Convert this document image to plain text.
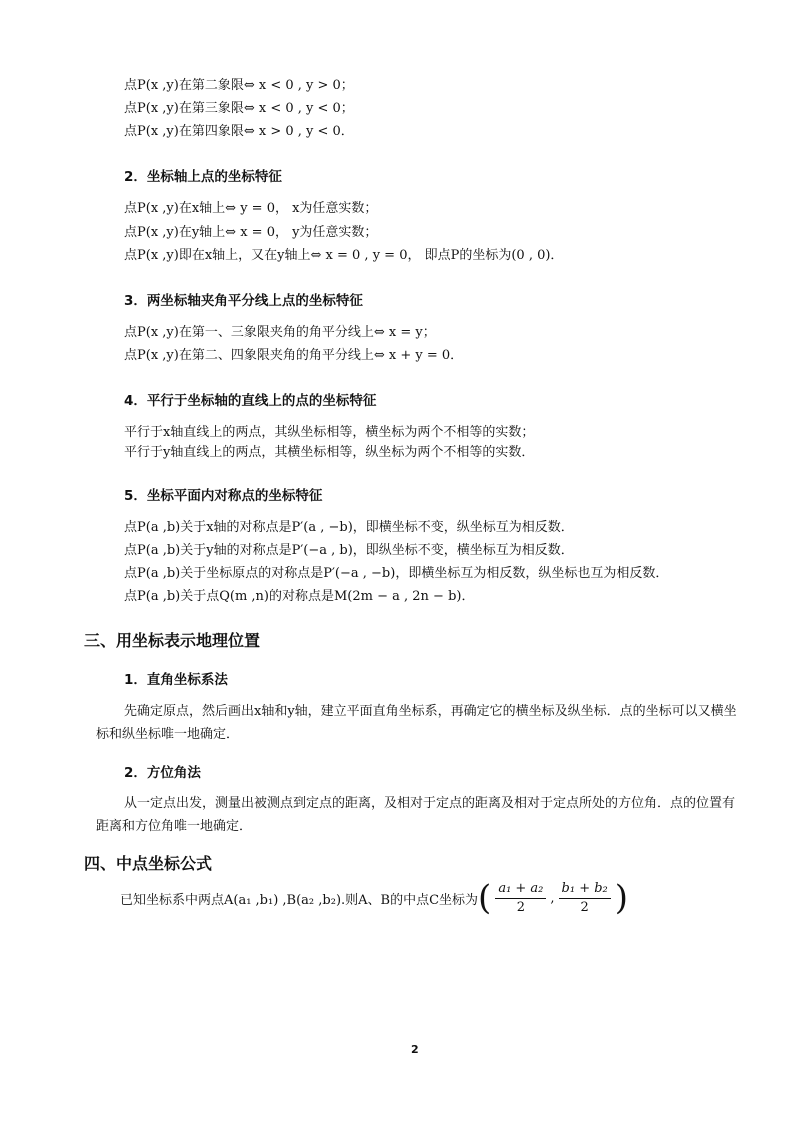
点P(x ,y)在第二象限⇔ x < 0 , y > 0；
点P(x ,y)在第三象限⇔ x < 0 , y < 0；
点P(x ,y)在第四象限⇔ x > 0 , y < 0．
2．坐标轴上点的坐标特征
点P(x ,y)在x轴上⇔ y = 0， x为任意实数；
点P(x ,y)在y轴上⇔ x = 0， y为任意实数；
点P(x ,y)即在x轴上，又在y轴上⇔ x = 0 , y = 0， 即点P的坐标为(0 , 0)．
3．两坐标轴夹角平分线上点的坐标特征
点P(x ,y)在第一、三象限夹角的角平分线上⇔ x = y；
点P(x ,y)在第二、四象限夹角的角平分线上⇔ x + y = 0．
4．平行于坐标轴的直线上的点的坐标特征
平行于x轴直线上的两点，其纵坐标相等，横坐标为两个不相等的实数；
平行于y轴直线上的两点，其横坐标相等，纵坐标为两个不相等的实数．
5．坐标平面内对称点的坐标特征
点P(a ,b)关于x轴的对称点是P′(a , −b)，即横坐标不变，纵坐标互为相反数．
点P(a ,b)关于y轴的对称点是P′(−a , b)，即纵坐标不变，横坐标互为相反数．
点P(a ,b)关于坐标原点的对称点是P′(−a , −b)，即横坐标互为相反数，纵坐标也互为相反数．
点P(a ,b)关于点Q(m ,n)的对称点是M(2m − a , 2n − b)．
三、用坐标表示地理位置
1．直角坐标系法
先确定原点，然后画出x轴和y轴，建立平面直角坐标系，再确定它的横坐标及纵坐标．点的坐标可以又横坐标和纵坐标唯一地确定．
2．方位角法
从一定点出发，测量出被测点到定点的距离，及相对于定点的距离及相对于定点所处的方位角．点的位置有距离和方位角唯一地确定．
四、中点坐标公式
已知坐标系中两点A(a₁ ,b₁) ,B(a₂ ,b₂).则A、B的中点C坐标为 ( $\frac{\text{a₁ + a₂}}{2}$ , $\frac{\text{b₁ + b₂}}{2}$ )
2
